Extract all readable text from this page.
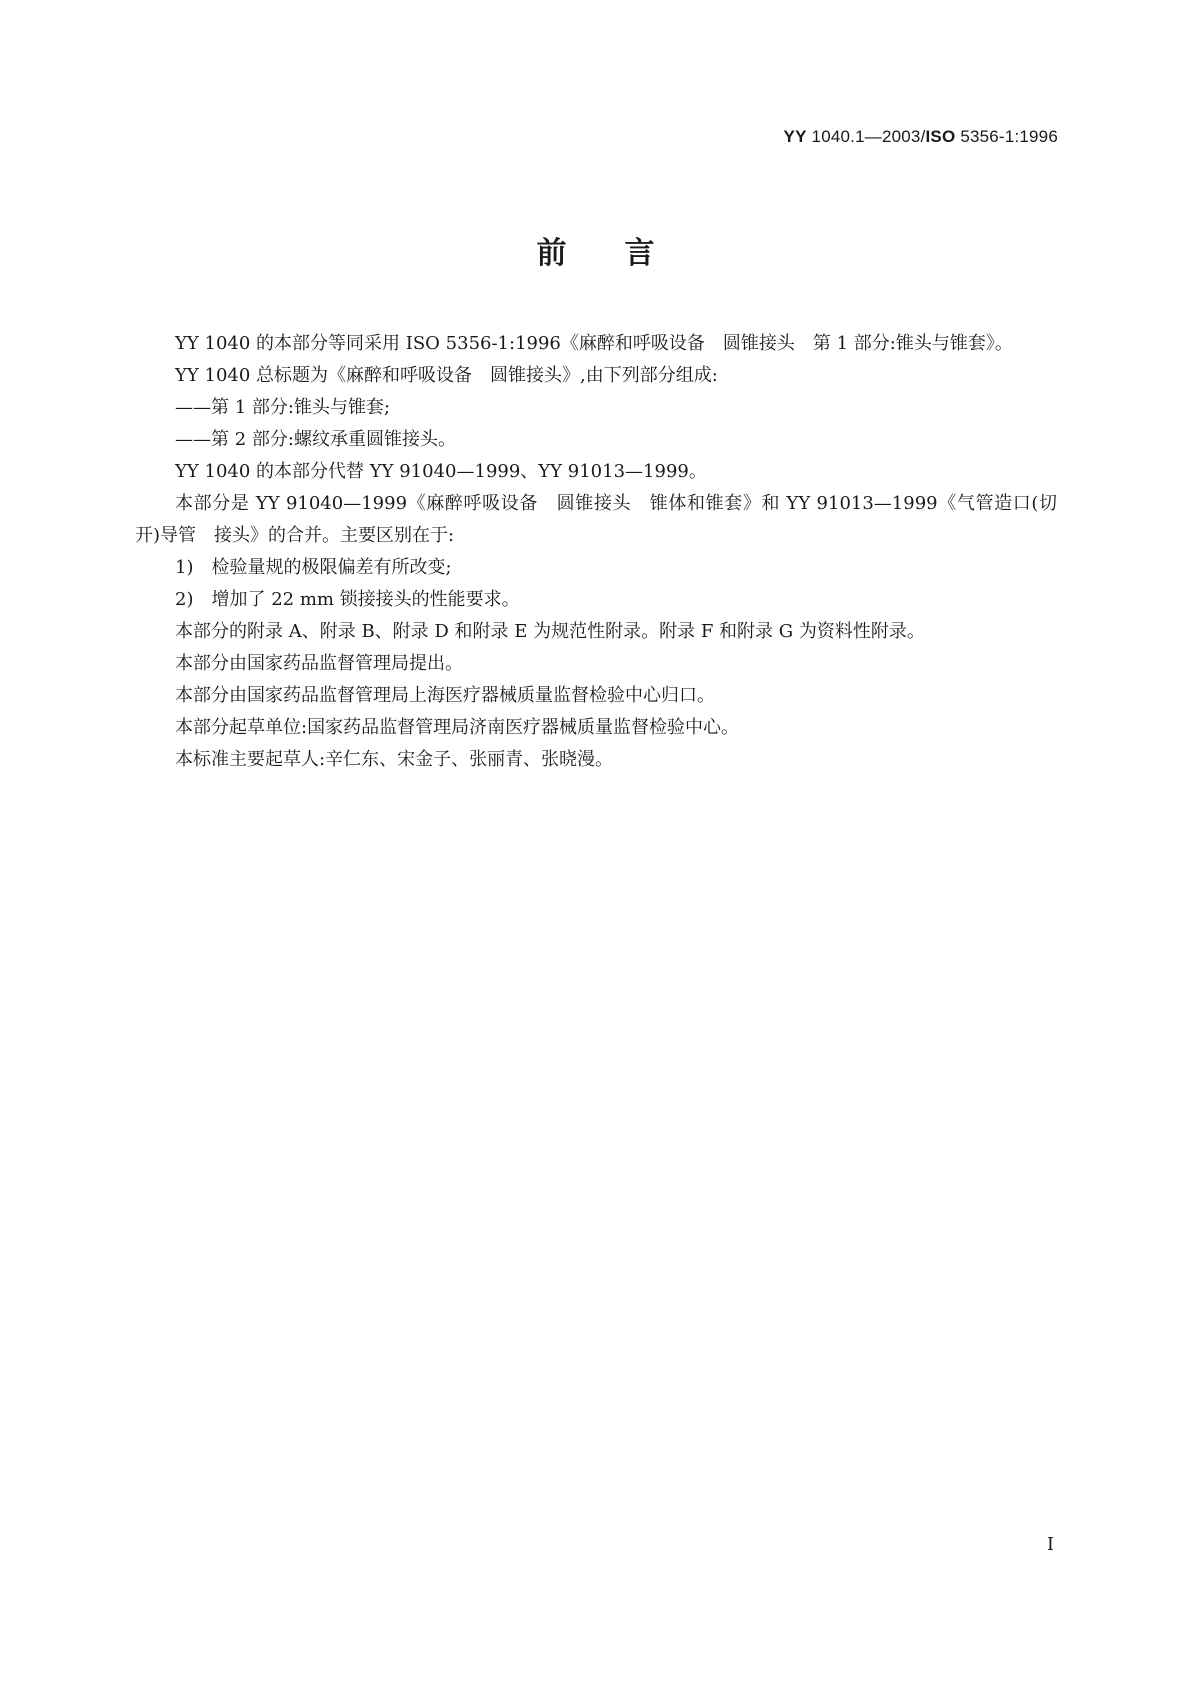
YY 1040.1—2003/ISO 5356-1:1996
前言

YY 1040 的本部分等同采用 ISO 5356-1:1996《麻醉和呼吸设备　圆锥接头　第 1 部分:锥头与锥套》。

YY 1040 总标题为《麻醉和呼吸设备　圆锥接头》,由下列部分组成:

——第 1 部分:锥头与锥套;

——第 2 部分:螺纹承重圆锥接头。

YY 1040 的本部分代替 YY 91040—1999、YY 91013—1999。

本部分是 YY 91040—1999《麻醉呼吸设备　圆锥接头　锥体和锥套》和 YY 91013—1999《气管造口(切开)导管　接头》的合并。主要区别在于:

1)　检验量规的极限偏差有所改变;

2)　增加了 22 mm 锁接接头的性能要求。

本部分的附录 A、附录 B、附录 D 和附录 E 为规范性附录。附录 F 和附录 G 为资料性附录。

本部分由国家药品监督管理局提出。

本部分由国家药品监督管理局上海医疗器械质量监督检验中心归口。

本部分起草单位:国家药品监督管理局济南医疗器械质量监督检验中心。

本标准主要起草人:辛仁东、宋金子、张丽青、张晓漫。

I
